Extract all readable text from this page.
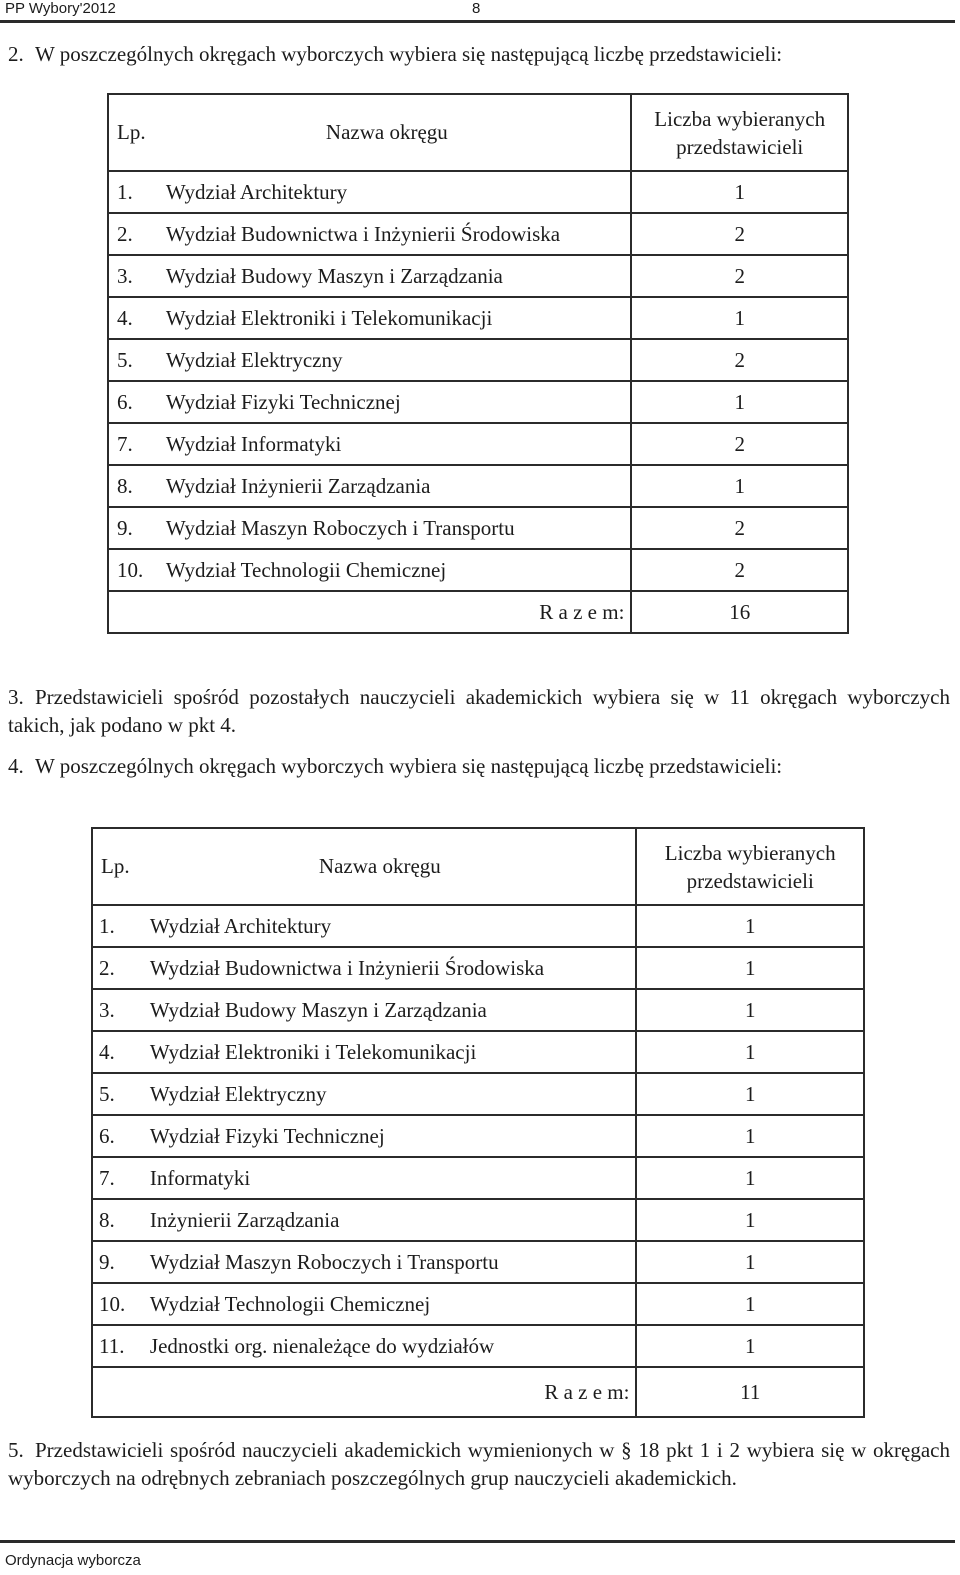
PP Wybory'2012	8

2. W poszczególnych okręgach wyborczych wybiera się następującą liczbę przedstawicieli:

Lp.	Nazwa okręgu	Liczba wybieranych przedstawicieli
1.	Wydział Architektury	1
2.	Wydział Budownictwa i Inżynierii Środowiska	2
3.	Wydział Budowy Maszyn i Zarządzania	2
4.	Wydział Elektroniki i Telekomunikacji	1
5.	Wydział Elektryczny	2
6.	Wydział Fizyki Technicznej	1
7.	Wydział Informatyki	2
8.	Wydział Inżynierii Zarządzania	1
9.	Wydział Maszyn Roboczych i Transportu	2
10.	Wydział Technologii Chemicznej	2
R a z e m:		16

3. Przedstawicieli spośród pozostałych nauczycieli akademickich wybiera się w 11 okręgach wyborczych takich, jak podano w pkt 4.

4. W poszczególnych okręgach wyborczych wybiera się następującą liczbę przedstawicieli:

Lp.	Nazwa okręgu	Liczba wybieranych przedstawicieli
1.	Wydział Architektury	1
2.	Wydział Budownictwa i Inżynierii Środowiska	1
3.	Wydział Budowy Maszyn i Zarządzania	1
4.	Wydział Elektroniki i Telekomunikacji	1
5.	Wydział Elektryczny	1
6.	Wydział Fizyki Technicznej	1
7.	Informatyki	1
8.	Inżynierii Zarządzania	1
9.	Wydział Maszyn Roboczych i Transportu	1
10.	Wydział Technologii Chemicznej	1
11.	Jednostki org. nienależące do wydziałów	1
R a z e m:		11

5. Przedstawicieli spośród nauczycieli akademickich wymienionych w § 18 pkt 1 i 2 wybiera się w okręgach wyborczych na odrębnych zebraniach poszczególnych grup nauczycieli akademickich.

Ordynacja wyborcza
